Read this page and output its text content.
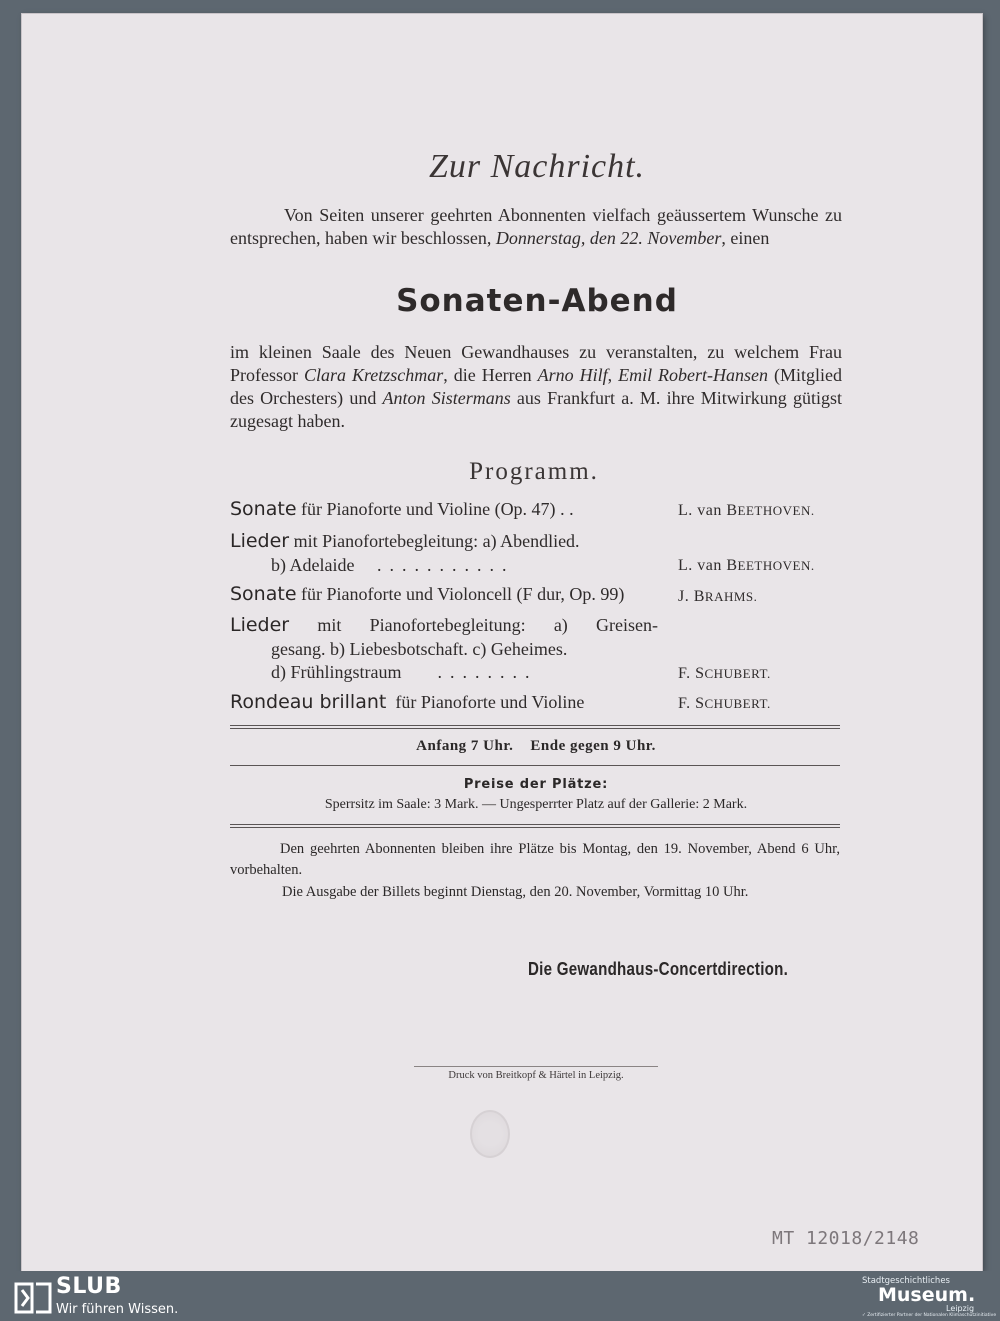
Zur Nachricht.
Von Seiten unserer geehrten Abonnenten vielfach geäussertem Wunsche zu entsprechen, haben wir beschlossen, Donnerstag, den 22. November, einen
Sonaten-Abend
im kleinen Saale des Neuen Gewandhauses zu veranstalten, zu welchem Frau Professor Clara Kretzschmar, die Herren Arno Hilf, Emil Robert-Hansen (Mitglied des Orchesters) und Anton Sistermans aus Frankfurt a. M. ihre Mitwirkung gütigst zugesagt haben.
Programm.
Sonate für Pianoforte und Violine (Op. 47) . .	L. van BEETHOVEN.
Lieder mit Pianofortebegleitung: a) Abendlied.
b) Adelaide ...........	L. van BEETHOVEN.
Sonate für Pianoforte und Violoncell (F dur, Op. 99)	J. BRAHMS.
Lieder mit Pianofortebegleitung: a) Greisen-
gesang. b) Liebesbotschaft. c) Geheimes.
d) Frühlingstraum ........	F. SCHUBERT.
Rondeau brillant für Pianoforte und Violine	F. SCHUBERT.
Anfang 7 Uhr.    Ende gegen 9 Uhr.
Preise der Plätze:
Sperrsitz im Saale: 3 Mark. — Ungesperrter Platz auf der Gallerie: 2 Mark.
Den geehrten Abonnenten bleiben ihre Plätze bis Montag, den 19. November, Abend 6 Uhr, vorbehalten.
Die Ausgabe der Billets beginnt Dienstag, den 20. November, Vormittag 10 Uhr.
Die Gewandhaus-Concertdirection.
Druck von Breitkopf & Härtel in Leipzig.
MT 12018/2148
SLUB
Wir führen Wissen.
Stadtgeschichtliches
Museum.
Leipzig
✓ Zertifizierter Partner der Nationalen Klimaschutzinitiative
